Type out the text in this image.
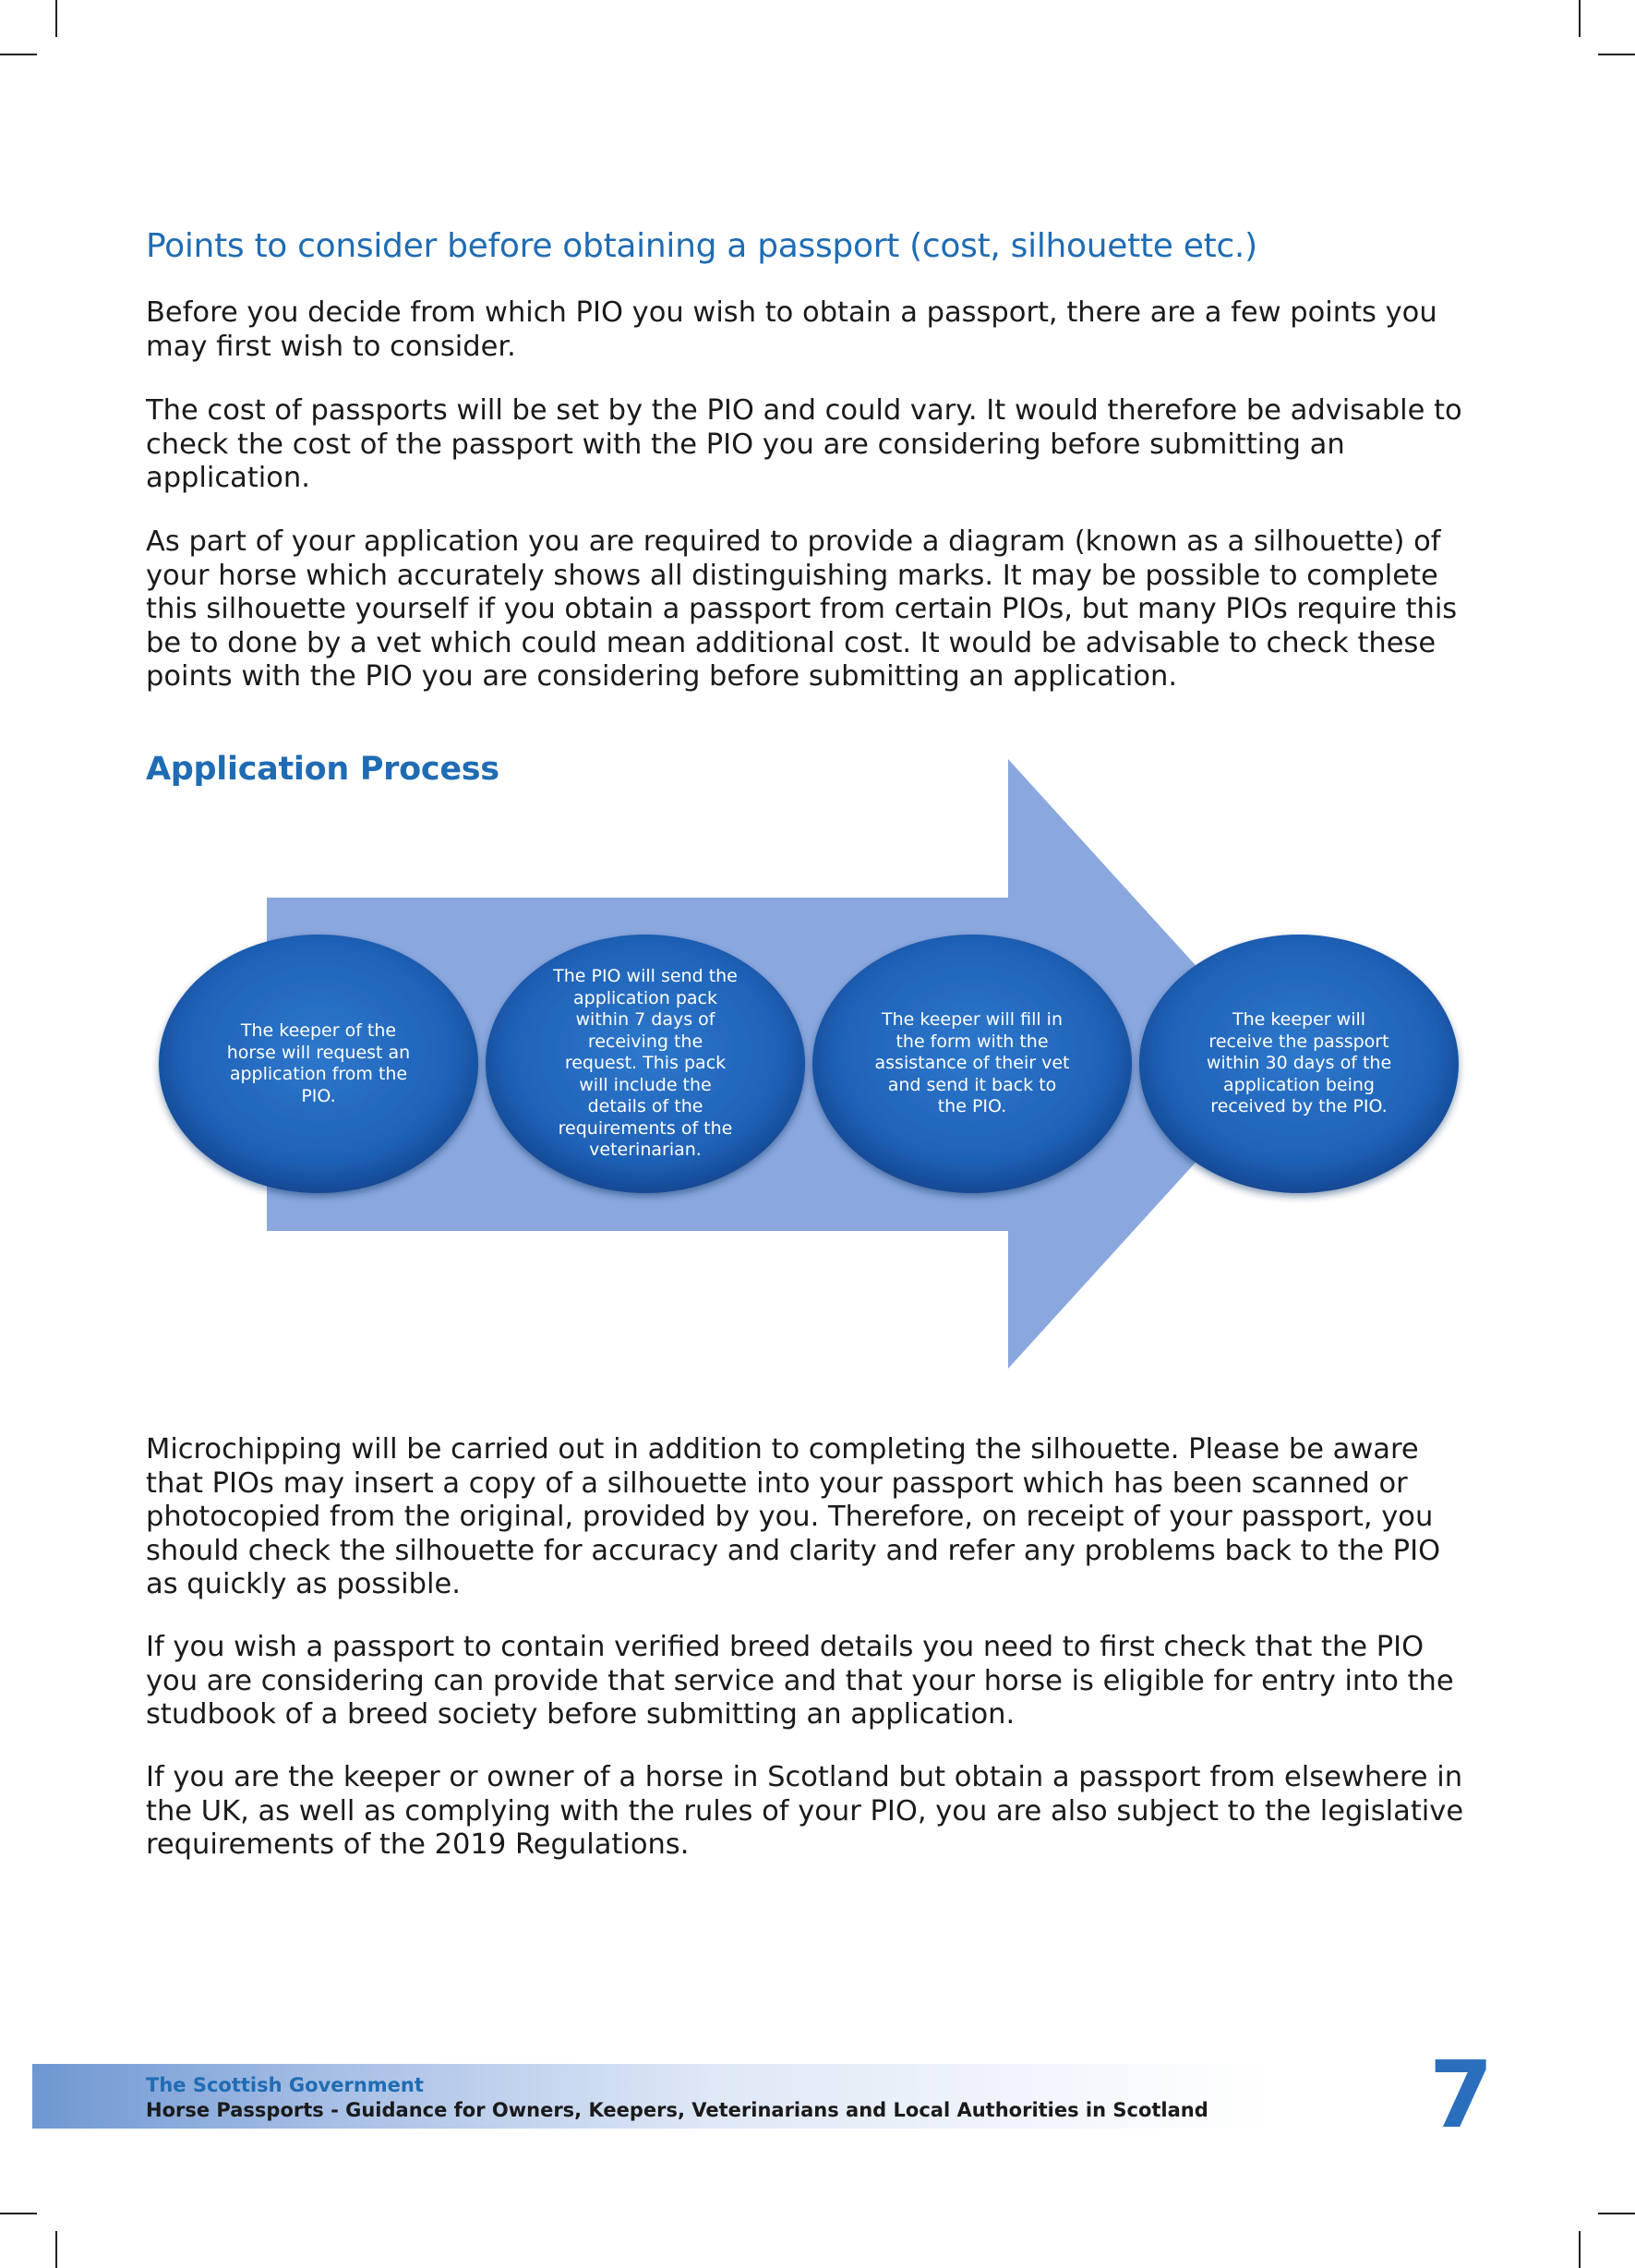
Points to consider before obtaining a passport (cost, silhouette etc.)

Before you decide from which PIO you wish to obtain a passport, there are a few points you may first wish to consider.

The cost of passports will be set by the PIO and could vary. It would therefore be advisable to check the cost of the passport with the PIO you are considering before submitting an application.

As part of your application you are required to provide a diagram (known as a silhouette) of your horse which accurately shows all distinguishing marks. It may be possible to complete this silhouette yourself if you obtain a passport from certain PIOs, but many PIOs require this be to done by a vet which could mean additional cost. It would be advisable to check these points with the PIO you are considering before submitting an application.

Application Process
The keeper of the horse will request an application from the PIO.
The PIO will send the application pack within 7 days of receiving the request. This pack will include the details of the requirements of the veterinarian.
The keeper will fill in the form with the assistance of their vet and send it back to the PIO.
The keeper will receive the passport within 30 days of the application being received by the PIO.

Microchipping will be carried out in addition to completing the silhouette. Please be aware that PIOs may insert a copy of a silhouette into your passport which has been scanned or photocopied from the original, provided by you. Therefore, on receipt of your passport, you should check the silhouette for accuracy and clarity and refer any problems back to the PIO as quickly as possible.

If you wish a passport to contain verified breed details you need to first check that the PIO you are considering can provide that service and that your horse is eligible for entry into the studbook of a breed society before submitting an application.

If you are the keeper or owner of a horse in Scotland but obtain a passport from elsewhere in the UK, as well as complying with the rules of your PIO, you are also subject to the legislative requirements of the 2019 Regulations.

The Scottish Government
Horse Passports - Guidance for Owners, Keepers, Veterinarians and Local Authorities in Scotland 7
